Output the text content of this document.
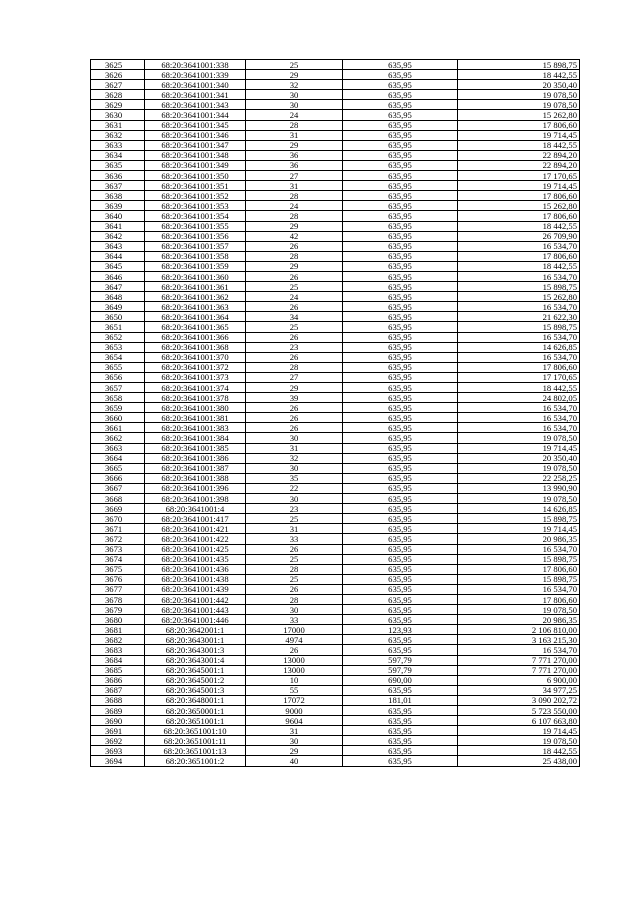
3625	68:20:3641001:338	25	635,95	15 898,75
3626	68:20:3641001:339	29	635,95	18 442,55
3627	68:20:3641001:340	32	635,95	20 350,40
3628	68:20:3641001:341	30	635,95	19 078,50
3629	68:20:3641001:343	30	635,95	19 078,50
3630	68:20:3641001:344	24	635,95	15 262,80
3631	68:20:3641001:345	28	635,95	17 806,60
3632	68:20:3641001:346	31	635,95	19 714,45
3633	68:20:3641001:347	29	635,95	18 442,55
3634	68:20:3641001:348	36	635,95	22 894,20
3635	68:20:3641001:349	36	635,95	22 894,20
3636	68:20:3641001:350	27	635,95	17 170,65
3637	68:20:3641001:351	31	635,95	19 714,45
3638	68:20:3641001:352	28	635,95	17 806,60
3639	68:20:3641001:353	24	635,95	15 262,80
3640	68:20:3641001:354	28	635,95	17 806,60
3641	68:20:3641001:355	29	635,95	18 442,55
3642	68:20:3641001:356	42	635,95	26 709,90
3643	68:20:3641001:357	26	635,95	16 534,70
3644	68:20:3641001:358	28	635,95	17 806,60
3645	68:20:3641001:359	29	635,95	18 442,55
3646	68:20:3641001:360	26	635,95	16 534,70
3647	68:20:3641001:361	25	635,95	15 898,75
3648	68:20:3641001:362	24	635,95	15 262,80
3649	68:20:3641001:363	26	635,95	16 534,70
3650	68:20:3641001:364	34	635,95	21 622,30
3651	68:20:3641001:365	25	635,95	15 898,75
3652	68:20:3641001:366	26	635,95	16 534,70
3653	68:20:3641001:368	23	635,95	14 626,85
3654	68:20:3641001:370	26	635,95	16 534,70
3655	68:20:3641001:372	28	635,95	17 806,60
3656	68:20:3641001:373	27	635,95	17 170,65
3657	68:20:3641001:374	29	635,95	18 442,55
3658	68:20:3641001:378	39	635,95	24 802,05
3659	68:20:3641001:380	26	635,95	16 534,70
3660	68:20:3641001:381	26	635,95	16 534,70
3661	68:20:3641001:383	26	635,95	16 534,70
3662	68:20:3641001:384	30	635,95	19 078,50
3663	68:20:3641001:385	31	635,95	19 714,45
3664	68:20:3641001:386	32	635,95	20 350,40
3665	68:20:3641001:387	30	635,95	19 078,50
3666	68:20:3641001:388	35	635,95	22 258,25
3667	68:20:3641001:396	22	635,95	13 990,90
3668	68:20:3641001:398	30	635,95	19 078,50
3669	68:20:3641001:4	23	635,95	14 626,85
3670	68:20:3641001:417	25	635,95	15 898,75
3671	68:20:3641001:421	31	635,95	19 714,45
3672	68:20:3641001:422	33	635,95	20 986,35
3673	68:20:3641001:425	26	635,95	16 534,70
3674	68:20:3641001:435	25	635,95	15 898,75
3675	68:20:3641001:436	28	635,95	17 806,60
3676	68:20:3641001:438	25	635,95	15 898,75
3677	68:20:3641001:439	26	635,95	16 534,70
3678	68:20:3641001:442	28	635,95	17 806,60
3679	68:20:3641001:443	30	635,95	19 078,50
3680	68:20:3641001:446	33	635,95	20 986,35
3681	68:20:3642001:1	17000	123,93	2 106 810,00
3682	68:20:3643001:1	4974	635,95	3 163 215,30
3683	68:20:3643001:3	26	635,95	16 534,70
3684	68:20:3643001:4	13000	597,79	7 771 270,00
3685	68:20:3645001:1	13000	597,79	7 771 270,00
3686	68:20:3645001:2	10	690,00	6 900,00
3687	68:20:3645001:3	55	635,95	34 977,25
3688	68:20:3648001:1	17072	181,01	3 090 202,72
3689	68:20:3650001:1	9000	635,95	5 723 550,00
3690	68:20:3651001:1	9604	635,95	6 107 663,80
3691	68:20:3651001:10	31	635,95	19 714,45
3692	68:20:3651001:11	30	635,95	19 078,50
3693	68:20:3651001:13	29	635,95	18 442,55
3694	68:20:3651001:2	40	635,95	25 438,00
